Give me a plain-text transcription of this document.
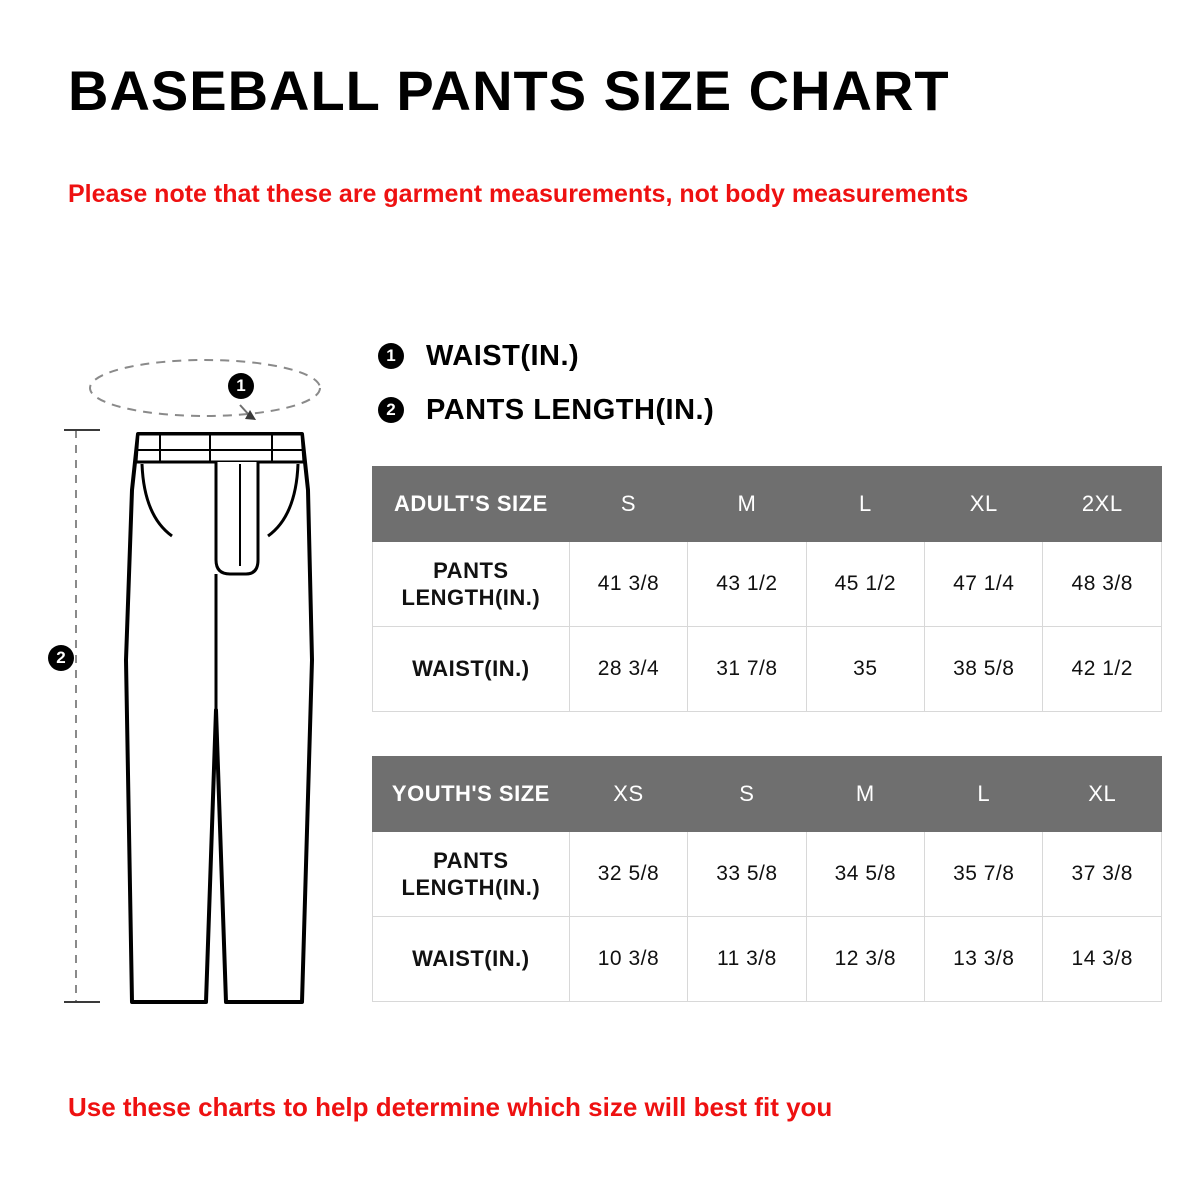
BASEBALL PANTS SIZE CHART
Please note that these are garment measurements, not body measurements
1 WAIST(IN.)
2 PANTS LENGTH(IN.)
1
2
ADULT'S SIZE	S	M	L	XL	2XL
PANTS LENGTH(IN.)	41 3/8	43 1/2	45 1/2	47 1/4	48 3/8
WAIST(IN.)	28 3/4	31 7/8	35	38 5/8	42 1/2
YOUTH'S SIZE	XS	S	M	L	XL
PANTS LENGTH(IN.)	32 5/8	33 5/8	34 5/8	35 7/8	37 3/8
WAIST(IN.)	10 3/8	11 3/8	12 3/8	13 3/8	14 3/8
Use these charts to help determine which size will best fit you
